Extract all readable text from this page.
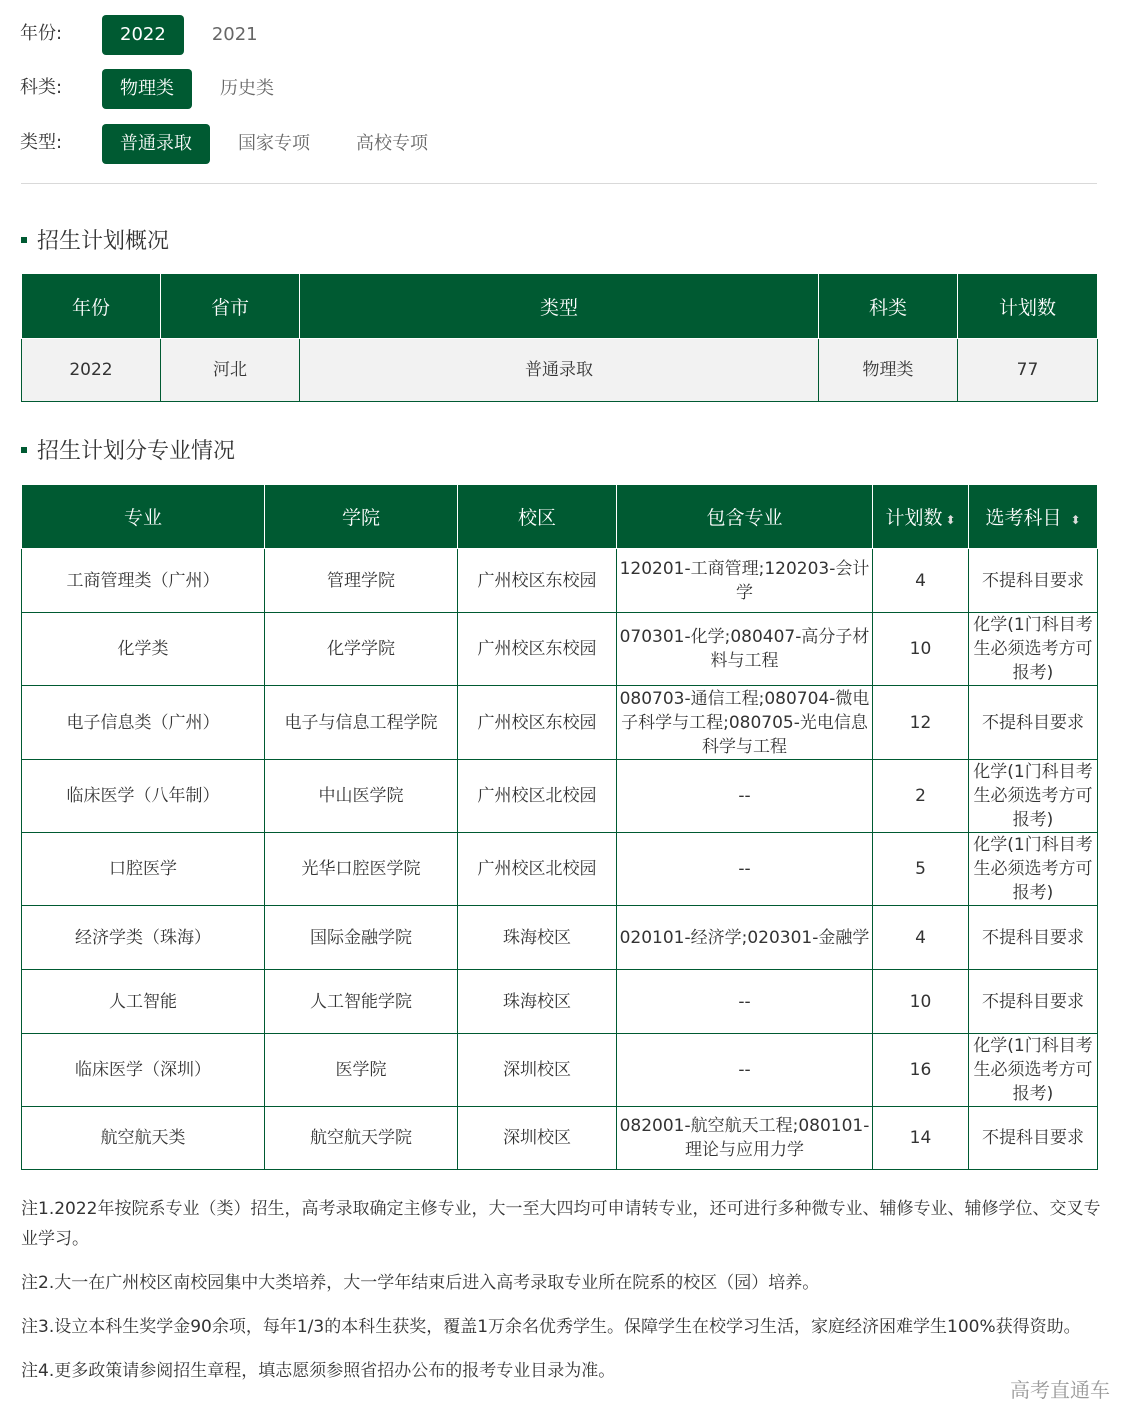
年份:	2022	2021
科类:	物理类	历史类
类型:	普通录取	国家专项	高校专项
招生计划概况
年份	省市	类型	科类	计划数
2022	河北	普通录取	物理类	77
招生计划分专业情况
专业	学院	校区	包含专业	计划数 ⬍	选考科目 ⬍
工商管理类（广州）	管理学院	广州校区东校园	120201-工商管理;120203-会计学	4	不提科目要求
化学类	化学学院	广州校区东校园	070301-化学;080407-高分子材料与工程	10	化学(1门科目考生必须选考方可报考)
电子信息类（广州）	电子与信息工程学院	广州校区东校园	080703-通信工程;080704-微电子科学与工程;080705-光电信息科学与工程	12	不提科目要求
临床医学（八年制）	中山医学院	广州校区北校园	--	2	化学(1门科目考生必须选考方可报考)
口腔医学	光华口腔医学院	广州校区北校园	--	5	化学(1门科目考生必须选考方可报考)
经济学类（珠海）	国际金融学院	珠海校区	020101-经济学;020301-金融学	4	不提科目要求
人工智能	人工智能学院	珠海校区	--	10	不提科目要求
临床医学（深圳）	医学院	深圳校区	--	16	化学(1门科目考生必须选考方可报考)
航空航天类	航空航天学院	深圳校区	082001-航空航天工程;080101-理论与应用力学	14	不提科目要求

注1.2022年按院系专业（类）招生，高考录取确定主修专业，大一至大四均可申请转专业，还可进行多种微专业、辅修专业、辅修学位、交叉专业学习。

注2.大一在广州校区南校园集中大类培养，大一学年结束后进入高考录取专业所在院系的校区（园）培养。

注3.设立本科生奖学金90余项，每年1/3的本科生获奖，覆盖1万余名优秀学生。保障学生在校学习生活，家庭经济困难学生100%获得资助。

注4.更多政策请参阅招生章程，填志愿须参照省招办公布的报考专业目录为准。

高考直通车
